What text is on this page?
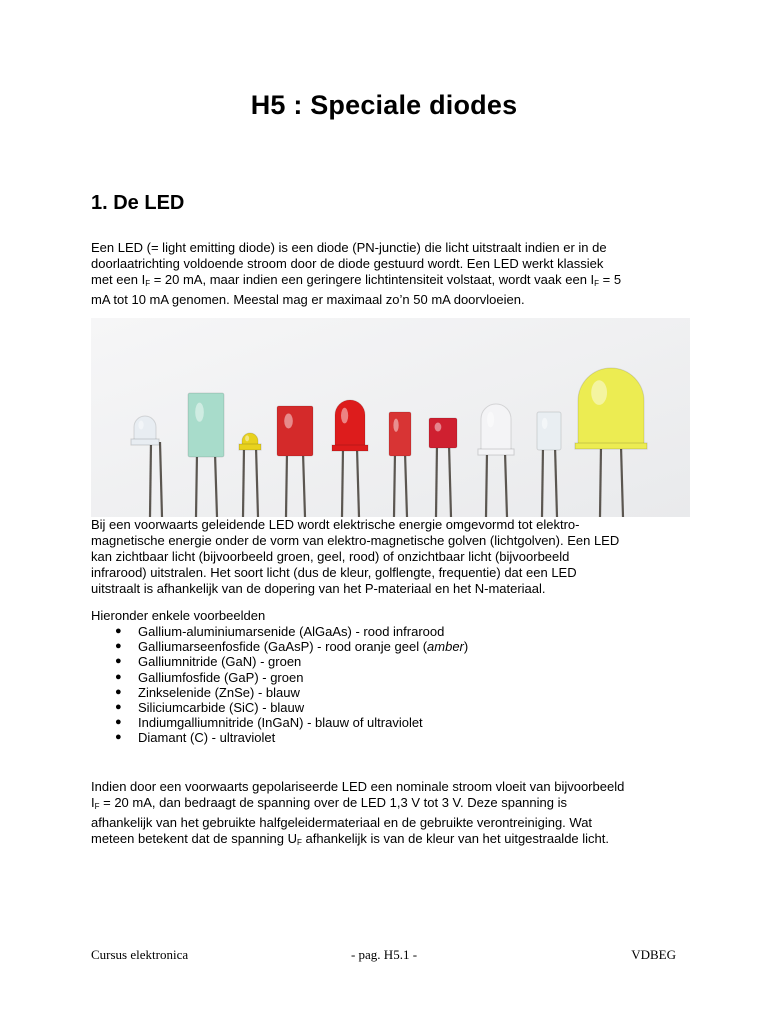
H5 : Speciale diodes
1. De LED

Een LED (= light emitting diode) is een diode (PN-junctie) die licht uitstraalt indien er in de
doorlaatrichting voldoende stroom door de diode gestuurd wordt. Een LED werkt klassiek
met een $I_F = 20$ mA, maar indien een geringere lichtintensiteit volstaat, wordt vaak een $I_F = 5$
mA tot 10 mA genomen. Meestal mag er maximaal zo’n 50 mA doorvloeien.

Bij een voorwaarts geleidende LED wordt elektrische energie omgevormd tot elektro-
magnetische energie onder de vorm van elektro-magnetische golven (lichtgolven). Een LED
kan zichtbaar licht (bijvoorbeeld groen, geel, rood) of onzichtbaar licht (bijvoorbeeld
infrarood) uitstralen. Het soort licht (dus de kleur, golflengte, frequentie) dat een LED
uitstraalt is afhankelijk van de dopering van het P-materiaal en het N-materiaal.

Hieronder enkele voorbeelden

● Gallium-aluminiumarsenide (AlGaAs) - rood infrarood
● Galliumarseenfosfide (GaAsP) - rood oranje geel (amber)
● Galliumnitride (GaN) - groen
● Galliumfosfide (GaP) - groen
● Zinkselenide (ZnSe) - blauw
● Siliciumcarbide (SiC) - blauw
● Indiumgalliumnitride (InGaN) - blauw of ultraviolet
● Diamant (C) - ultraviolet

Indien door een voorwaarts gepolariseerde LED een nominale stroom vloeit van bijvoorbeeld
$I_F = 20$ mA, dan bedraagt de spanning over de LED 1,3 V tot 3 V. Deze spanning is
afhankelijk van het gebruikte halfgeleidermateriaal en de gebruikte verontreiniging. Wat
meteen betekent dat de spanning $U_F$ afhankelijk is van de kleur van het uitgestraalde licht.

Cursus elektronica	- pag. H5.1 -	VDBEG
